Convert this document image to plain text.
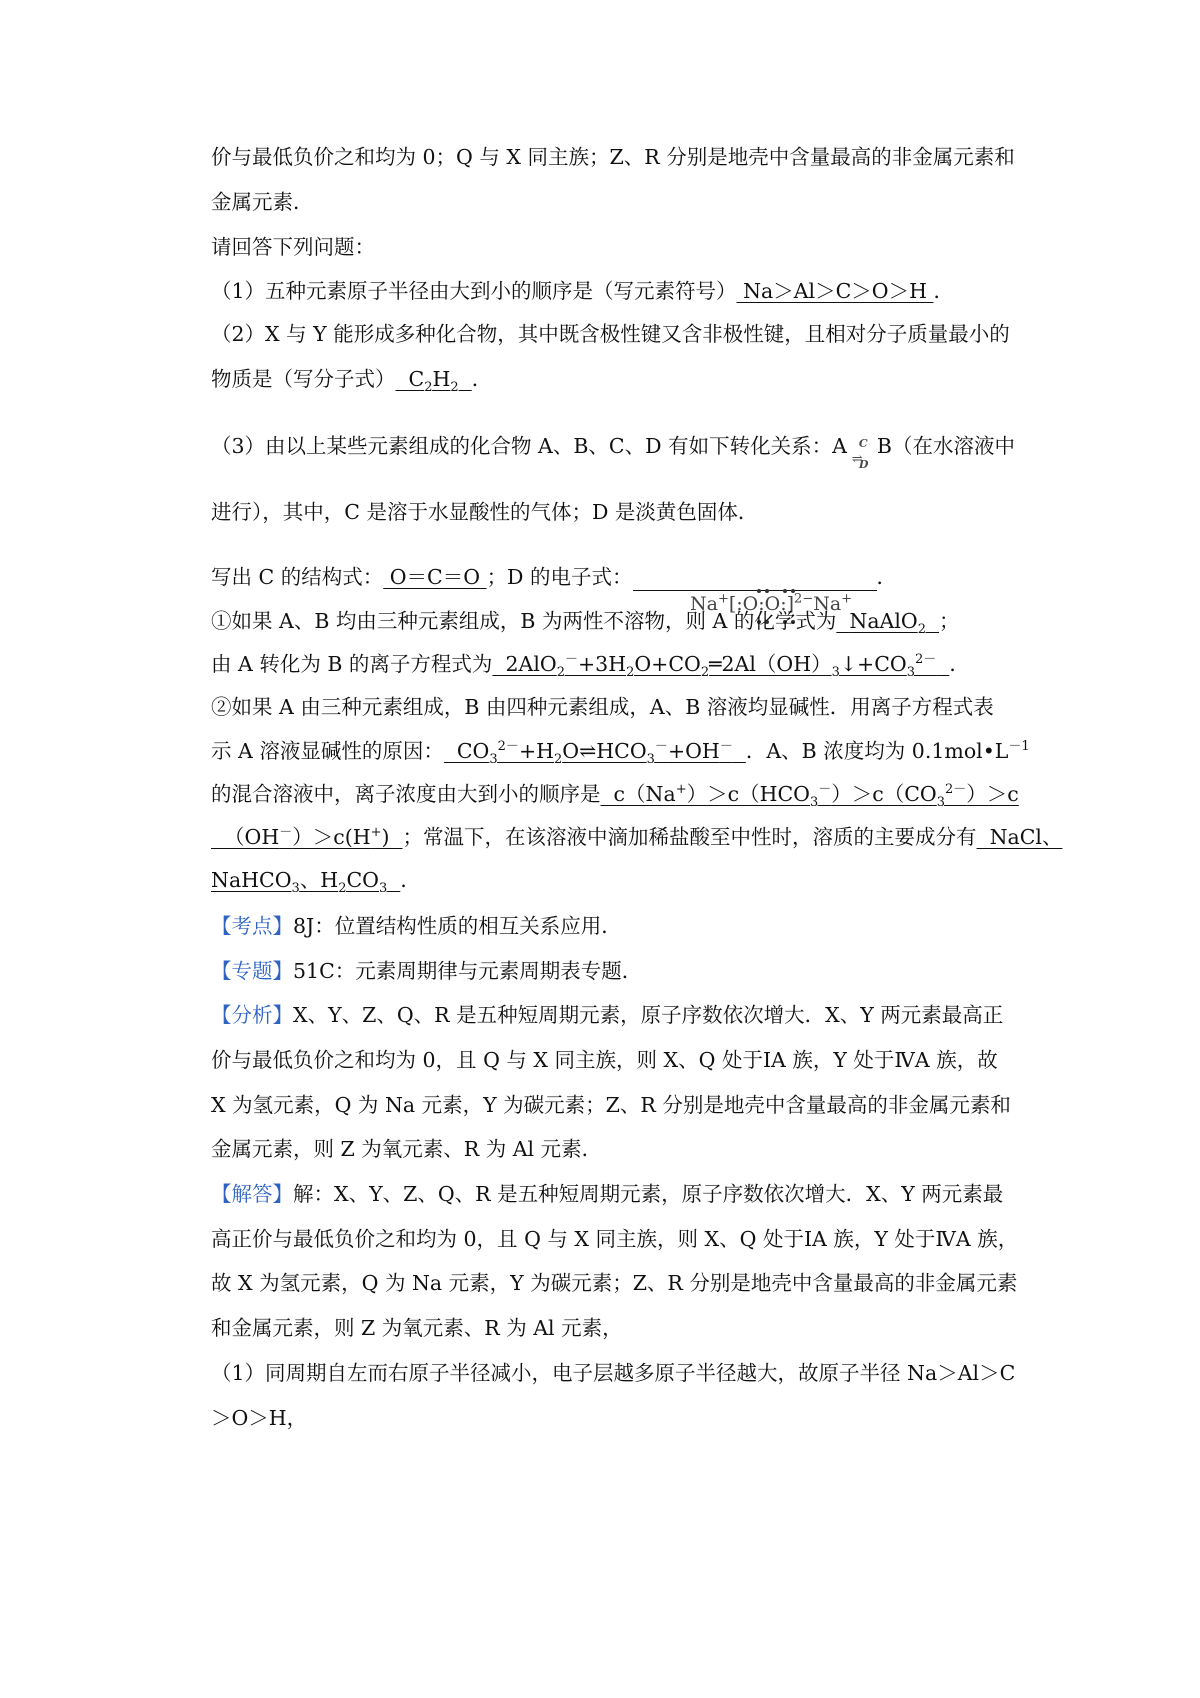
价与最低负价之和均为 0；Q 与 X 同主族；Z、R 分别是地壳中含量最高的非金属元素和
金属元素．
请回答下列问题：
（1）五种元素原子半径由大到小的顺序是（写元素符号） Na＞Al＞C＞O＞H ．
（2）X 与 Y 能形成多种化合物，其中既含极性键又含非极性键，且相对分子质量最小的
物质是（写分子式）  $C_2H_2$ ．
（3）由以上某些元素组成的化合物 A、B、C、D 有如下转化关系：A C
⇌
D
B（在水溶液中
进行），其中，C 是溶于水显酸性的气体；D 是淡黄色固体．
写出 C 的结构式： O＝C＝O ；D 的电子式：	．
Na+[:O:O:]$^{2-}$Na+
①如果 A、B 均由三种元素组成，B 为两性不溶物，则 A 的化学式为 NaAlO$_2$ ；
由 A 转化为 B 的离子方程式为  $2AlO_2^-+3H_2O+CO_2═2Al(OH)_3↓+CO_3^{2-}$ ．
②如果 A 由三种元素组成，B 由四种元素组成，A、B 溶液均显碱性．用离子方程式表
示 A 溶液显碱性的原因：  $CO_3^{2-}+H_2O\rightleftharpoons HCO_3^-+OH^-$ ．A、B 浓度均为 $0.1mol•L^{-1}$
的混合溶液中，离子浓度由大到小的顺序是  $c(Na^+)>c(HCO_3^-)>c(CO_3^{2-})>c$
（OH－）＞c(H+)  ；常温下，在该溶液中滴加稀盐酸至中性时，溶质的主要成分有  NaCl、
NaHCO$_3$、$H_2CO_3$ ．
【考点】8J：位置结构性质的相互关系应用．
【专题】51C：元素周期律与元素周期表专题．
【分析】X、Y、Z、Q、R 是五种短周期元素，原子序数依次增大．X、Y 两元素最高正
价与最低负价之和均为 0，且 Q 与 X 同主族，则 X、Q 处于ⅠA 族，Y 处于ⅣA 族，故
X 为氢元素，Q 为 Na 元素，Y 为碳元素；Z、R 分别是地壳中含量最高的非金属元素和
金属元素，则 Z 为氧元素、R 为 Al 元素．
【解答】解：X、Y、Z、Q、R 是五种短周期元素，原子序数依次增大．X、Y 两元素最
高正价与最低负价之和均为 0，且 Q 与 X 同主族，则 X、Q 处于ⅠA 族，Y 处于ⅣA 族，
故 X 为氢元素，Q 为 Na 元素，Y 为碳元素；Z、R 分别是地壳中含量最高的非金属元素
和金属元素，则 Z 为氧元素、R 为 Al 元素，
（1）同周期自左而右原子半径减小，电子层越多原子半径越大，故原子半径 Na＞Al＞C
＞O＞H，
